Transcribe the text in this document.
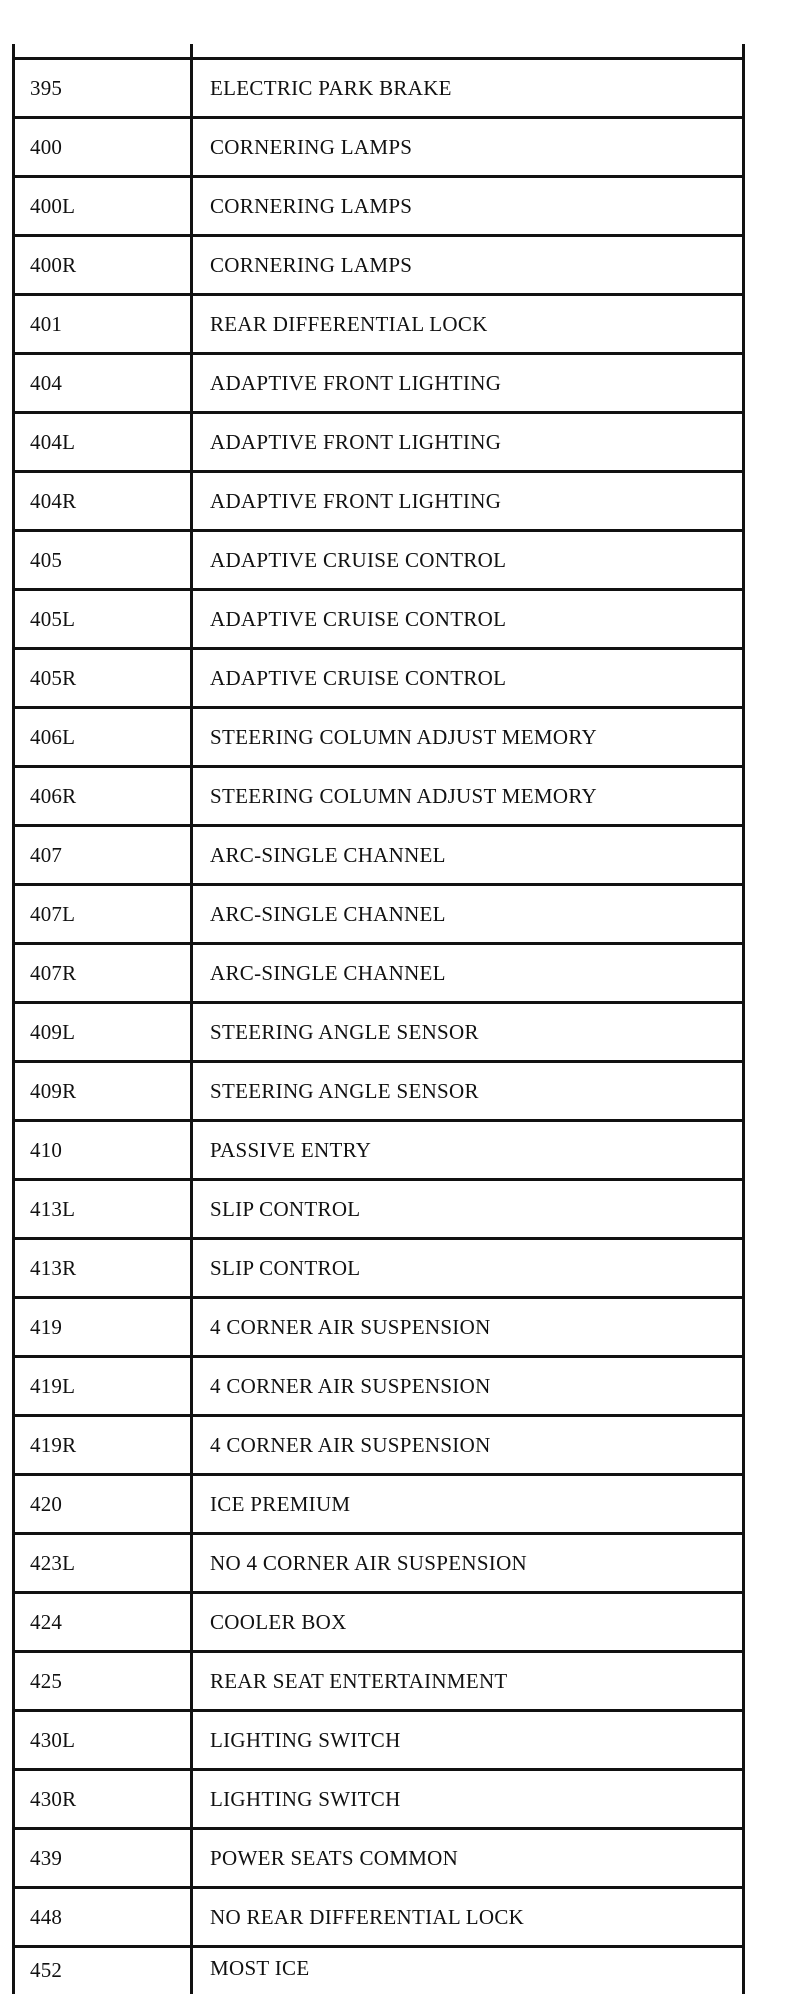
395	ELECTRIC PARK BRAKE
400	CORNERING LAMPS
400L	CORNERING LAMPS
400R	CORNERING LAMPS
401	REAR DIFFERENTIAL LOCK
404	ADAPTIVE FRONT LIGHTING
404L	ADAPTIVE FRONT LIGHTING
404R	ADAPTIVE FRONT LIGHTING
405	ADAPTIVE CRUISE CONTROL
405L	ADAPTIVE CRUISE CONTROL
405R	ADAPTIVE CRUISE CONTROL
406L	STEERING COLUMN ADJUST MEMORY
406R	STEERING COLUMN ADJUST MEMORY
407	ARC-SINGLE CHANNEL
407L	ARC-SINGLE CHANNEL
407R	ARC-SINGLE CHANNEL
409L	STEERING ANGLE SENSOR
409R	STEERING ANGLE SENSOR
410	PASSIVE ENTRY
413L	SLIP CONTROL
413R	SLIP CONTROL
419	4 CORNER AIR SUSPENSION
419L	4 CORNER AIR SUSPENSION
419R	4 CORNER AIR SUSPENSION
420	ICE PREMIUM
423L	NO 4 CORNER AIR SUSPENSION
424	COOLER BOX
425	REAR SEAT ENTERTAINMENT
430L	LIGHTING SWITCH
430R	LIGHTING SWITCH
439	POWER SEATS COMMON
448	NO REAR DIFFERENTIAL LOCK
452	MOST ICE
